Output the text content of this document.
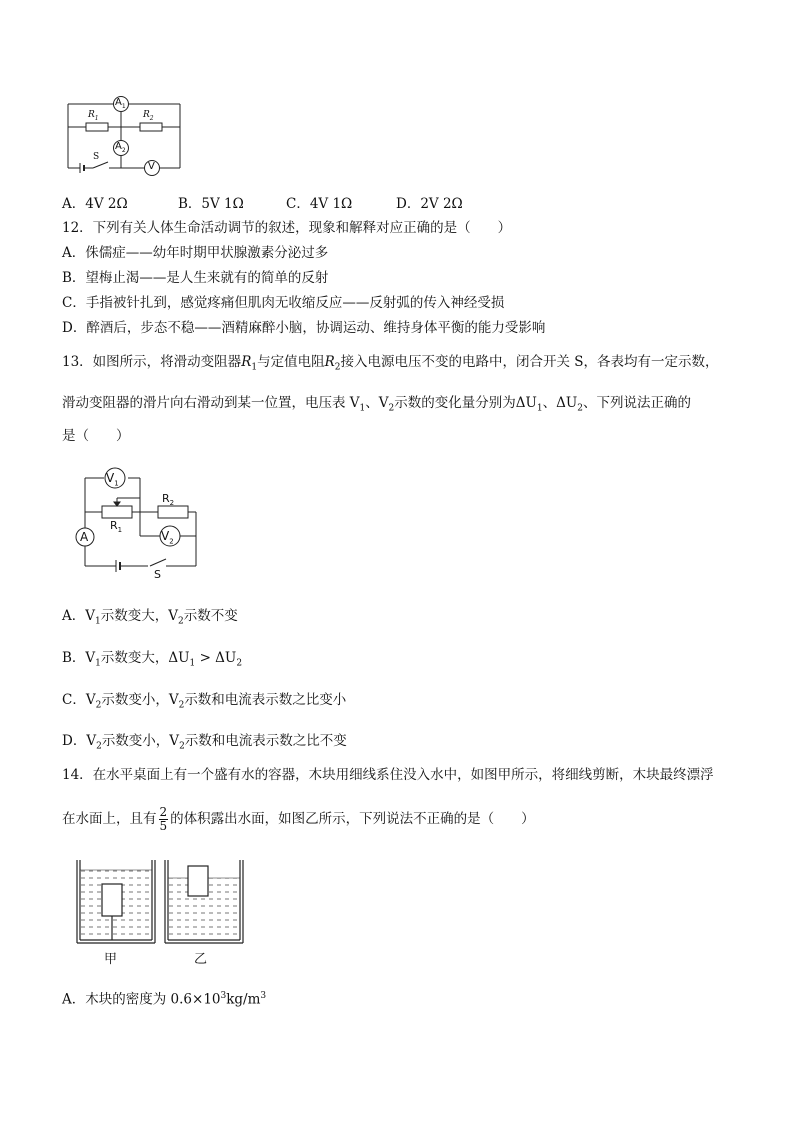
$A_1$
$A_2$
V
$R_1$	$R_2$
S
A．4V 2Ω	B．5V 1Ω	C．4V 1Ω	D．2V 2Ω
12．下列有关人体生命活动调节的叙述，现象和解释对应正确的是（　　）
A．侏儒症——幼年时期甲状腺激素分泌过多
B．望梅止渴——是人生来就有的简单的反射
C．手指被针扎到，感觉疼痛但肌肉无收缩反应——反射弧的传入神经受损
D．醉酒后，步态不稳——酒精麻醉小脑，协调运动、维持身体平衡的能力受影响
13．如图所示，将滑动变阻器$R_1$与定值电阻$R_2$接入电源电压不变的电路中，闭合开关 S，各表均有一定示数，
滑动变阻器的滑片向右滑动到某一位置，电压表 $V_1$、$V_2$示数的变化量分别为$\Delta U_1$、$\Delta U_2$、下列说法正确的
是（　　）
$V_1$
$V_2$
A
$R_1$
$R_2$
S
A．$V_1$示数变大，$V_2$示数不变
B．$V_1$示数变大，$\Delta U_1 > \Delta U_2$
C．$V_2$示数变小，$V_2$示数和电流表示数之比变小
D．$V_2$示数变小，$V_2$示数和电流表示数之比不变
14．在水平桌面上有一个盛有水的容器，木块用细线系住没入水中，如图甲所示，将细线剪断，木块最终漂浮
在水面上，且有 $\frac{2}{5}$ 的体积露出水面，如图乙所示，下列说法不正确的是（　　）
甲	乙
A．木块的密度为 $0.6\times 10^3kg/m^3$
